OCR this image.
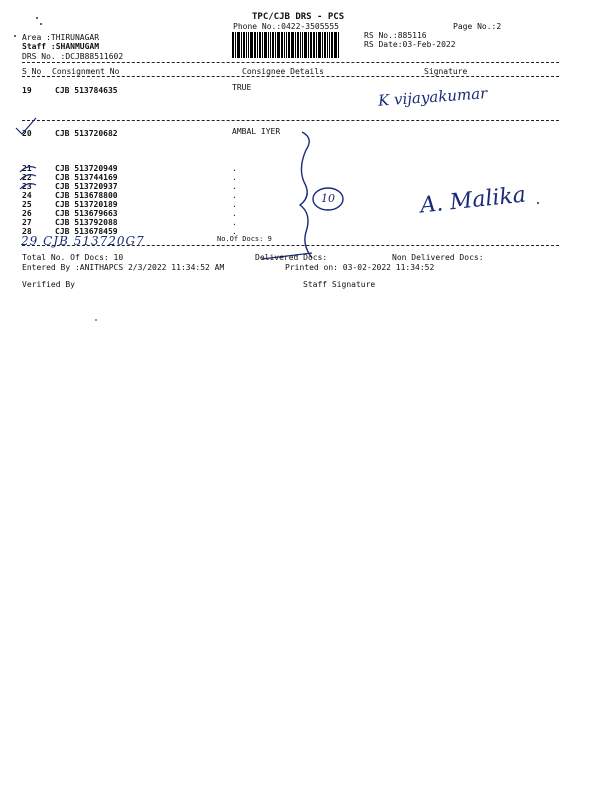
TPC/CJB DRS - PCS
Phone No.:0422-3505555	Page No.:2
RS No.:885116
RS Date:03-Feb-2022
Area :THIRUNAGAR
Staff :SHANMUGAM
DRS No. :DCJB88511602
S No Consignment No	Consignee Details	Signature
19	CJB 513784635	TRUE	K vijayakumar
20	CJB 513720682	AMBAL IYER
21	CJB 513720949	.
22	CJB 513744169	.
23	CJB 513720937	.
24	CJB 513678800	.
25	CJB 513720189	.
26	CJB 513679663	.
27	CJB 513792088	.
28	CJB 513678459	.
29 CJB 513720G7	No.Of Docs: 9
10	A. Malika
Total No. Of Docs: 10	Delivered Docs:	Non Delivered Docs:
Entered By :ANITHAPCS 2/3/2022 11:34:52 AM	Printed on: 03-02-2022 11:34:52
Verified By	Staff Signature
